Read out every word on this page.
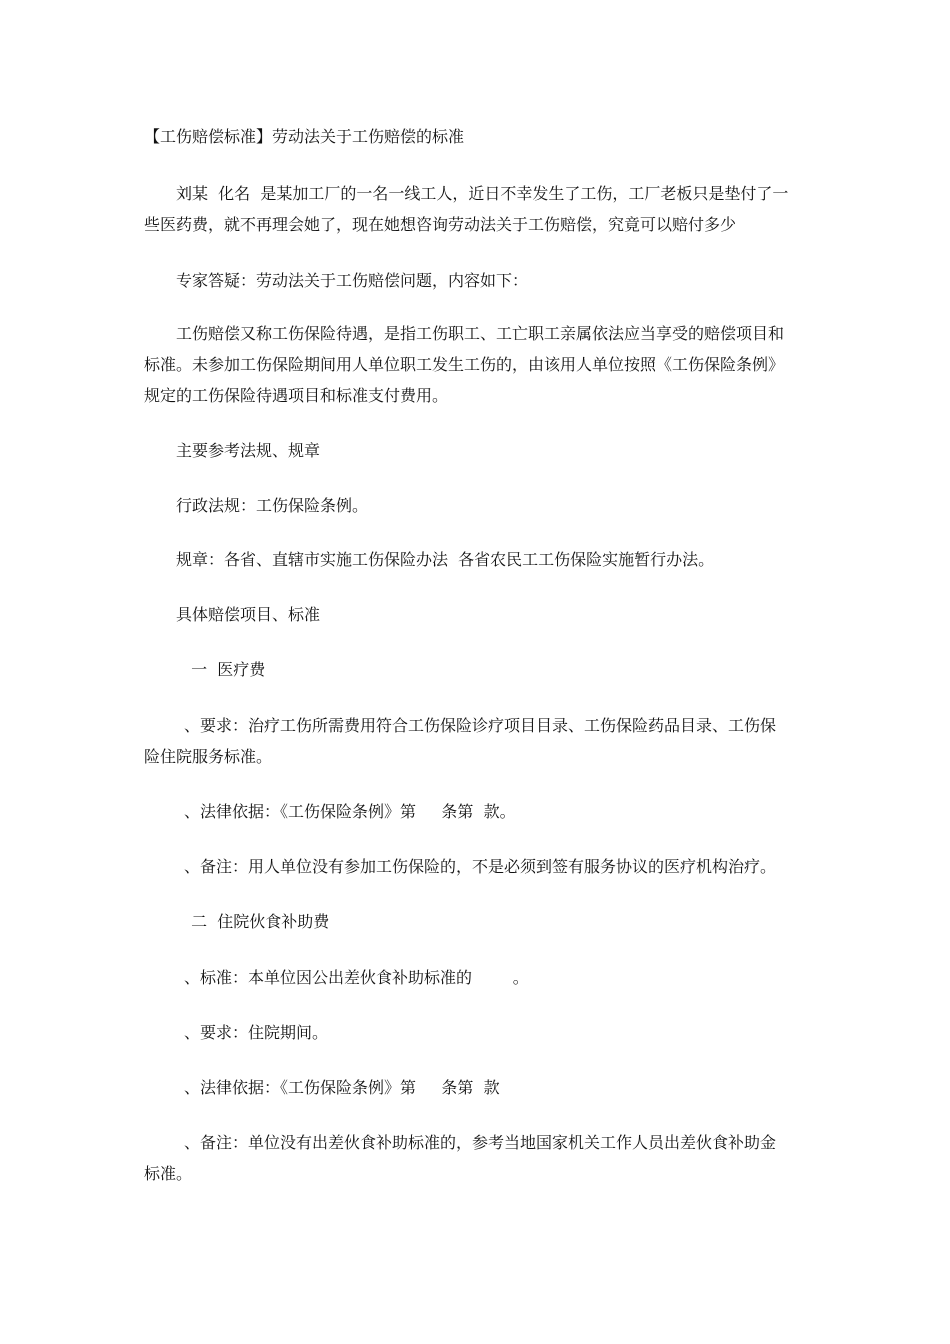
【工伤赔偿标准】劳动法关于工伤赔偿的标准

刘某  化名  是某加工厂的一名一线工人，近日不幸发生了工伤，工厂老板只是垫付了一

些医药费，就不再理会她了，现在她想咨询劳动法关于工伤赔偿，究竟可以赔付多少

专家答疑：劳动法关于工伤赔偿问题，内容如下：

工伤赔偿又称工伤保险待遇，是指工伤职工、工亡职工亲属依法应当享受的赔偿项目和

标准。未参加工伤保险期间用人单位职工发生工伤的，由该用人单位按照《工伤保险条例》

规定的工伤保险待遇项目和标准支付费用。

主要参考法规、规章

行政法规：工伤保险条例。

规章：各省、直辖市实施工伤保险办法  各省农民工工伤保险实施暂行办法。

具体赔偿项目、标准

一  医疗费

、要求：治疗工伤所需费用符合工伤保险诊疗项目目录、工伤保险药品目录、工伤保

险住院服务标准。

、法律依据：《工伤保险条例》第     条第  款。

、备注：用人单位没有参加工伤保险的，不是必须到签有服务协议的医疗机构治疗。

二  住院伙食补助费

、标准：本单位因公出差伙食补助标准的        。

、要求：住院期间。

、法律依据：《工伤保险条例》第     条第  款

、备注：单位没有出差伙食补助标准的，参考当地国家机关工作人员出差伙食补助金

标准。
